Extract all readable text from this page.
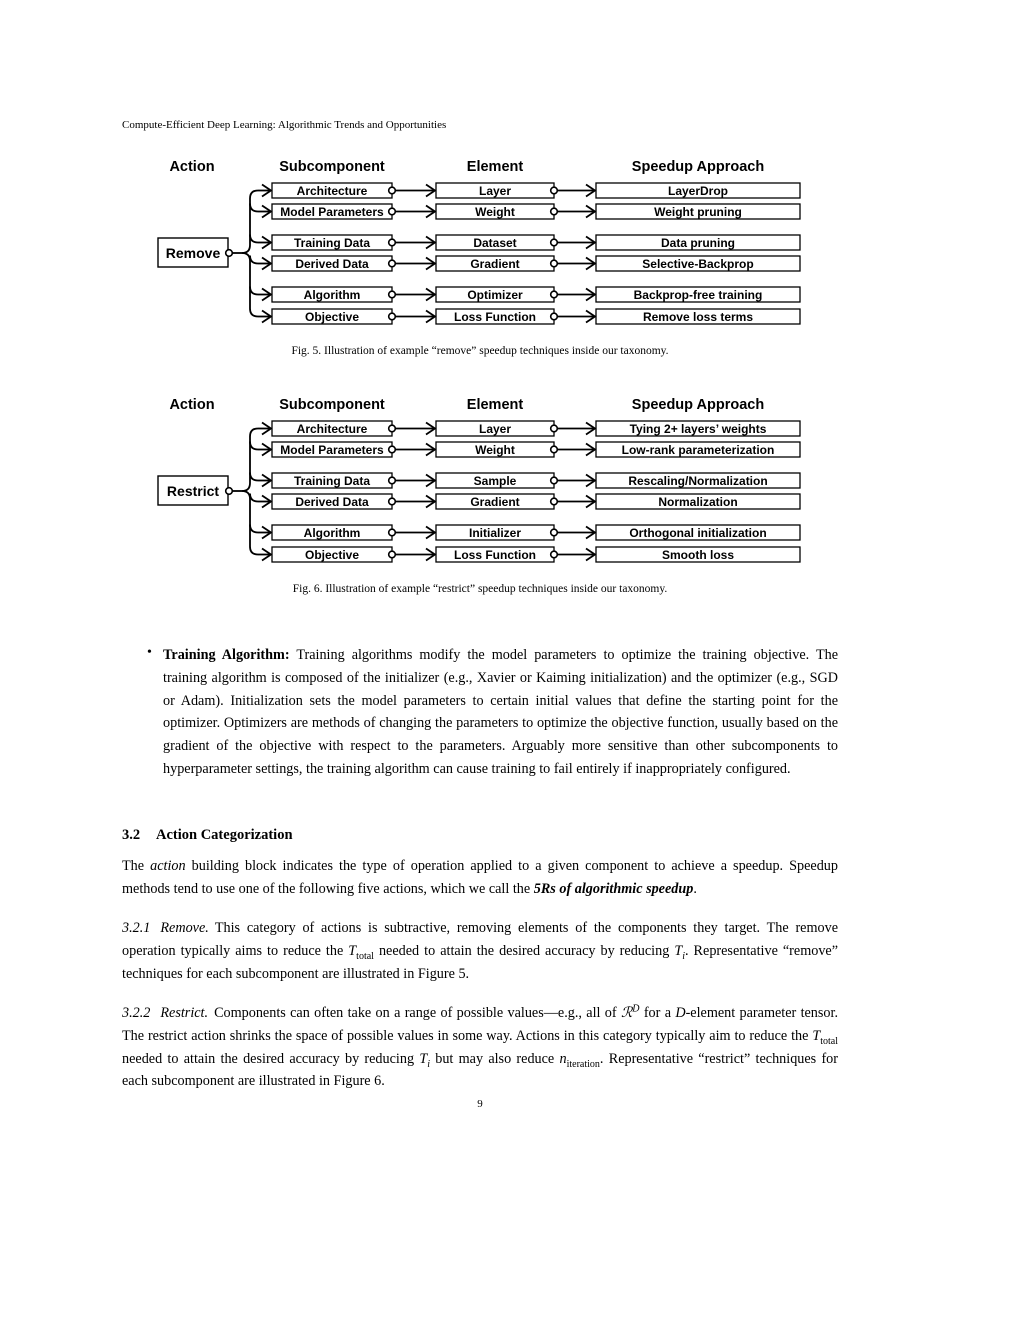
Compute-Efficient Deep Learning: Algorithmic Trends and Opportunities
Action	Subcomponent	Element	Speedup Approach
Remove
Architecture	Layer	LayerDrop
Model Parameters	Weight	Weight pruning
Training Data	Dataset	Data pruning
Derived Data	Gradient	Selective-Backprop
Algorithm	Optimizer	Backprop-free training
Objective	Loss Function	Remove loss terms
Fig. 5. Illustration of example “remove” speedup techniques inside our taxonomy.
Action	Subcomponent	Element	Speedup Approach
Restrict
Architecture	Layer	Tying 2+ layers’ weights
Model Parameters	Weight	Low-rank parameterization
Training Data	Sample	Rescaling/Normalization
Derived Data	Gradient	Normalization
Algorithm	Initializer	Orthogonal initialization
Objective	Loss Function	Smooth loss
Fig. 6. Illustration of example “restrict” speedup techniques inside our taxonomy.
• Training Algorithm: Training algorithms modify the model parameters to optimize the training objective. The training algorithm is composed of the initializer (e.g., Xavier or Kaiming initialization) and the optimizer (e.g., SGD or Adam). Initialization sets the model parameters to certain initial values that define the starting point for the optimizer. Optimizers are methods of changing the parameters to optimize the objective function, usually based on the gradient of the objective with respect to the parameters. Arguably more sensitive than other subcomponents to hyperparameter settings, the training algorithm can cause training to fail entirely if inappropriately configured.
3.2 Action Categorization
The action building block indicates the type of operation applied to a given component to achieve a speedup. Speedup methods tend to use one of the following five actions, which we call the 5Rs of algorithmic speedup.
3.2.1 Remove. This category of actions is subtractive, removing elements of the components they target. The remove operation typically aims to reduce the $T_{total}$ needed to attain the desired accuracy by reducing $T_i$. Representative “remove” techniques for each subcomponent are illustrated in Figure 5.
3.2.2 Restrict. Components can often take on a range of possible values—e.g., all of ℛ$^D$ for a D-element parameter tensor. The restrict action shrinks the space of possible values in some way. Actions in this category typically aim to reduce the $T_{total}$ needed to attain the desired accuracy by reducing $T_i$ but may also reduce $n_{iteration}$. Representative “restrict” techniques for each subcomponent are illustrated in Figure 6.
9
